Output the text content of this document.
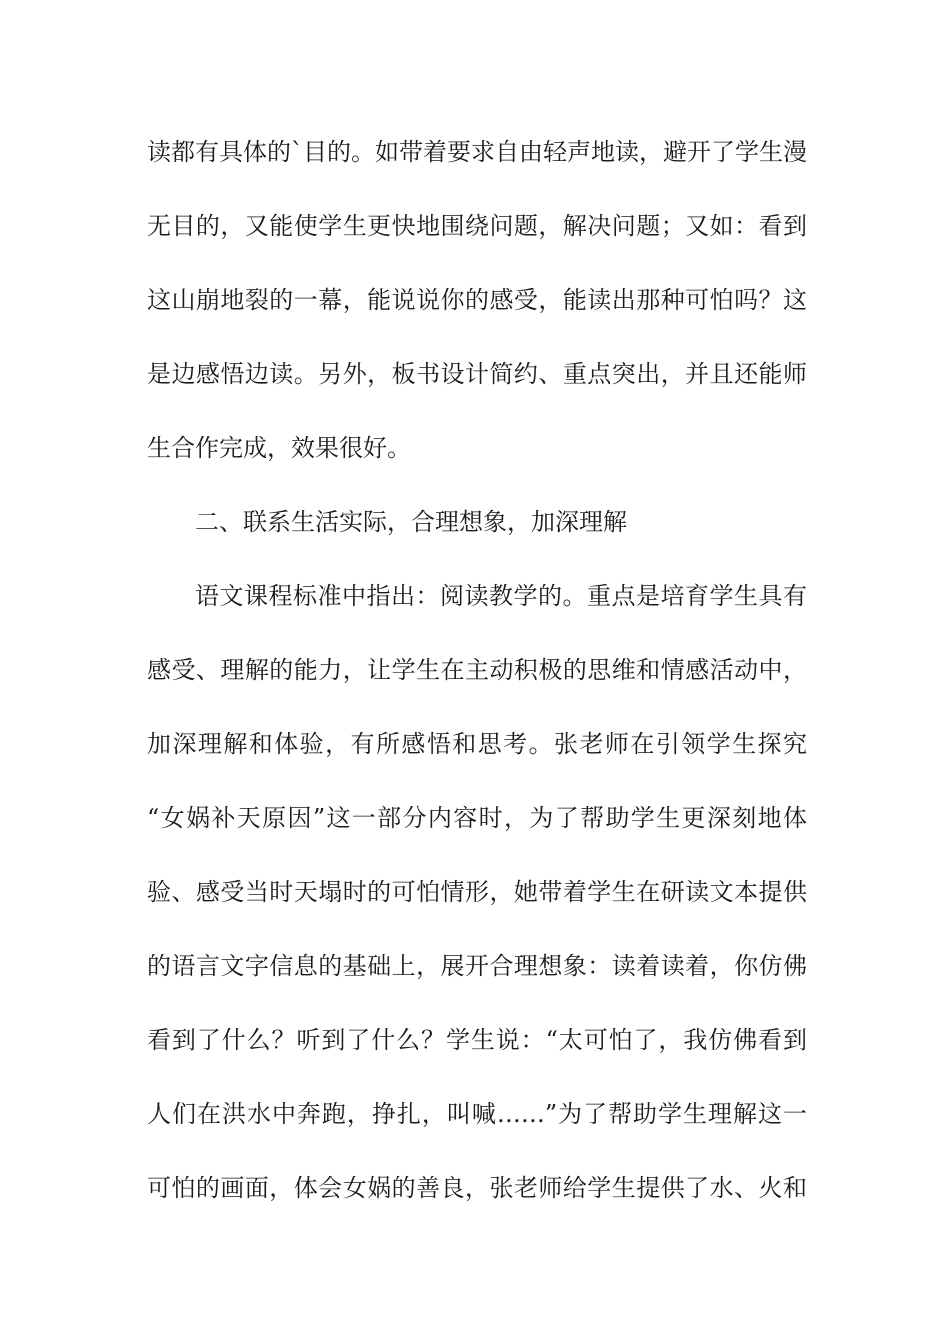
读都有具体的`目的。如带着要求自由轻声地读，避开了学生漫
无目的，又能使学生更快地围绕问题，解决问题；又如：看到
这山崩地裂的一幕，能说说你的感受，能读出那种可怕吗？这
是边感悟边读。另外，板书设计简约、重点突出，并且还能师
生合作完成，效果很好。
二、联系生活实际，合理想象，加深理解
语文课程标准中指出：阅读教学的。重点是培育学生具有
感受、理解的能力，让学生在主动积极的思维和情感活动中，
加深理解和体验，有所感悟和思考。张老师在引领学生探究
“女娲补天原因”这一部分内容时，为了帮助学生更深刻地体
验、感受当时天塌时的可怕情形，她带着学生在研读文本提供
的语言文字信息的基础上，展开合理想象：读着读着，你仿佛
看到了什么？听到了什么？学生说：“太可怕了，我仿佛看到
人们在洪水中奔跑，挣扎，叫喊……”为了帮助学生理解这一
可怕的画面，体会女娲的善良，张老师给学生提供了水、火和
